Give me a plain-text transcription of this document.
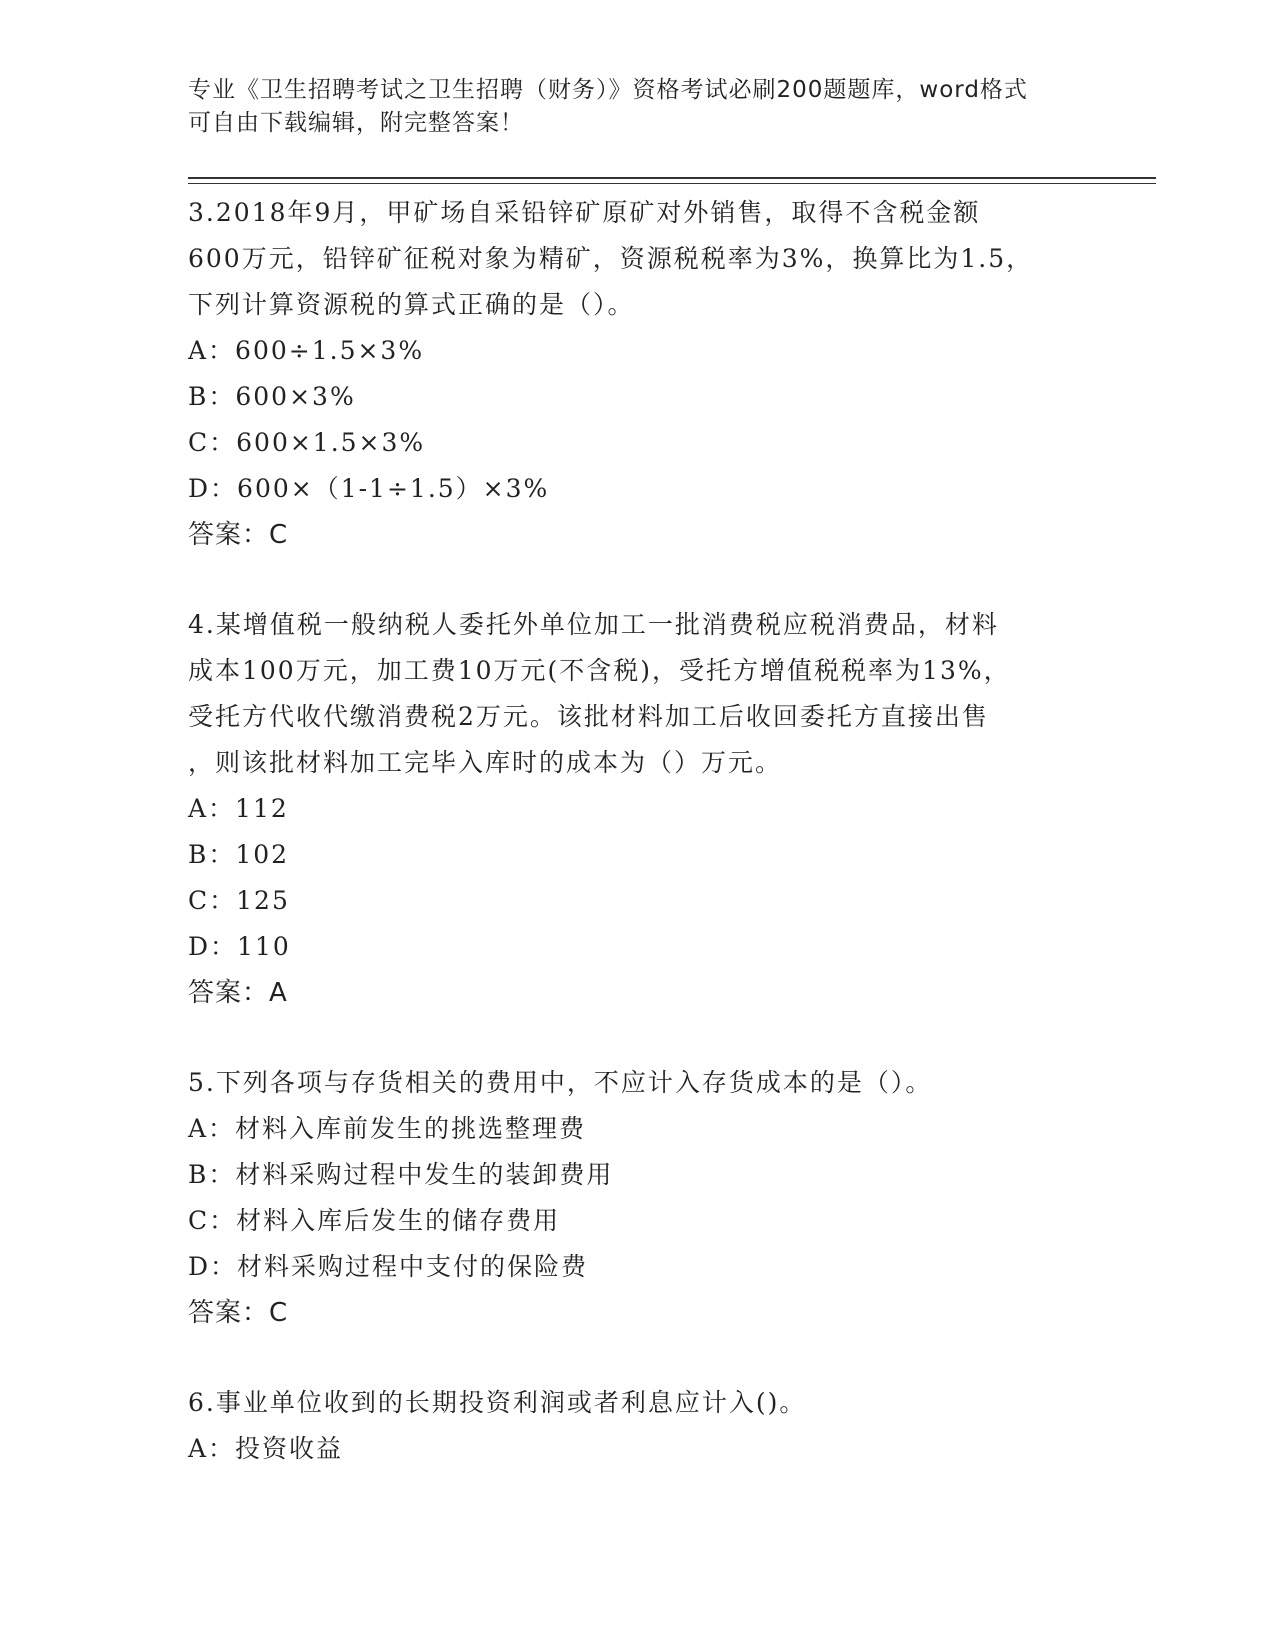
专业《卫生招聘考试之卫生招聘（财务）》资格考试必刷200题题库，word格式
可自由下载编辑，附完整答案！
3.2018年9月，甲矿场自采铅锌矿原矿对外销售，取得不含税金额
600万元，铅锌矿征税对象为精矿，资源税税率为3%，换算比为1.5，
下列计算资源税的算式正确的是（）。
A：600÷1.5×3%
B：600×3%
C：600×1.5×3%
D：600×（1-1÷1.5）×3%
答案：C
4.某增值税一般纳税人委托外单位加工一批消费税应税消费品，材料
成本100万元，加工费10万元(不含税)，受托方增值税税率为13%，
受托方代收代缴消费税2万元。该批材料加工后收回委托方直接出售
，则该批材料加工完毕入库时的成本为（）万元。
A：112
B：102
C：125
D：110
答案：A
5.下列各项与存货相关的费用中，不应计入存货成本的是（）。
A：材料入库前发生的挑选整理费
B：材料采购过程中发生的装卸费用
C：材料入库后发生的储存费用
D：材料采购过程中支付的保险费
答案：C
6.事业单位收到的长期投资利润或者利息应计入()。
A：投资收益
